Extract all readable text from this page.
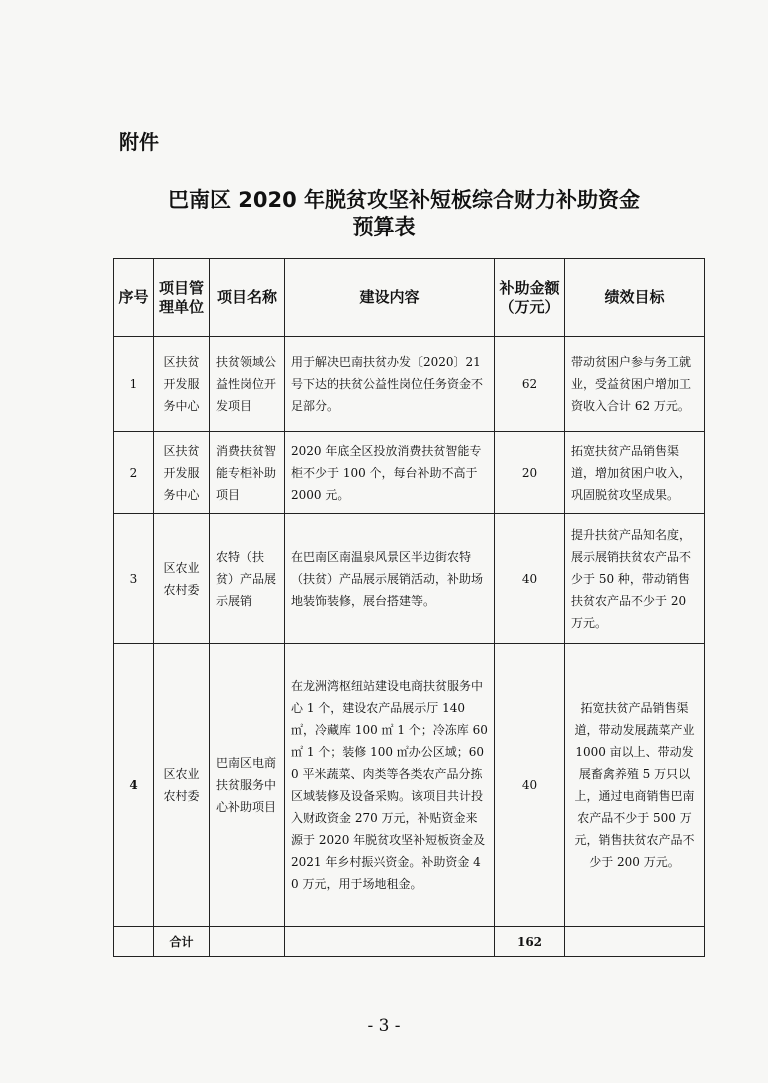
附件
巴南区 2020 年脱贫攻坚补短板综合财力补助资金
预算表
序号	项目管理单位	项目名称	建设内容	补助金额（万元）	绩效目标
1	区扶贫开发服务中心	扶贫领域公益性岗位开发项目	用于解决巴南扶贫办发〔2020〕21 号下达的扶贫公益性岗位任务资金不足部分。	62	带动贫困户参与务工就业，受益贫困户增加工资收入合计 62 万元。
2	区扶贫开发服务中心	消费扶贫智能专柜补助项目	2020 年底全区投放消费扶贫智能专柜不少于 100 个，每台补助不高于 2000 元。	20	拓宽扶贫产品销售渠道，增加贫困户收入，巩固脱贫攻坚成果。
3	区农业农村委	农特（扶贫）产品展示展销	在巴南区南温泉风景区半边街农特（扶贫）产品展示展销活动，补助场地装饰装修，展台搭建等。	40	提升扶贫产品知名度，展示展销扶贫农产品不少于 50 种，带动销售扶贫农产品不少于 20 万元。
4	区农业农村委	巴南区电商扶贫服务中心补助项目	在龙洲湾枢纽站建设电商扶贫服务中心 1 个，建设农产品展示厅 140 ㎡，冷藏库 100 ㎡ 1 个；冷冻库 60 ㎡ 1 个；装修 100 ㎡办公区域；600 平米蔬菜、肉类等各类农产品分拣区域装修及设备采购。该项目共计投入财政资金 270 万元，补贴资金来源于 2020 年脱贫攻坚补短板资金及 2021 年乡村振兴资金。补助资金 40 万元，用于场地租金。	40	拓宽扶贫产品销售渠道，带动发展蔬菜产业 1000 亩以上、带动发展畜禽养殖 5 万只以上，通过电商销售巴南农产品不少于 500 万元，销售扶贫农产品不少于 200 万元。
	合计			162	
- 3 -
